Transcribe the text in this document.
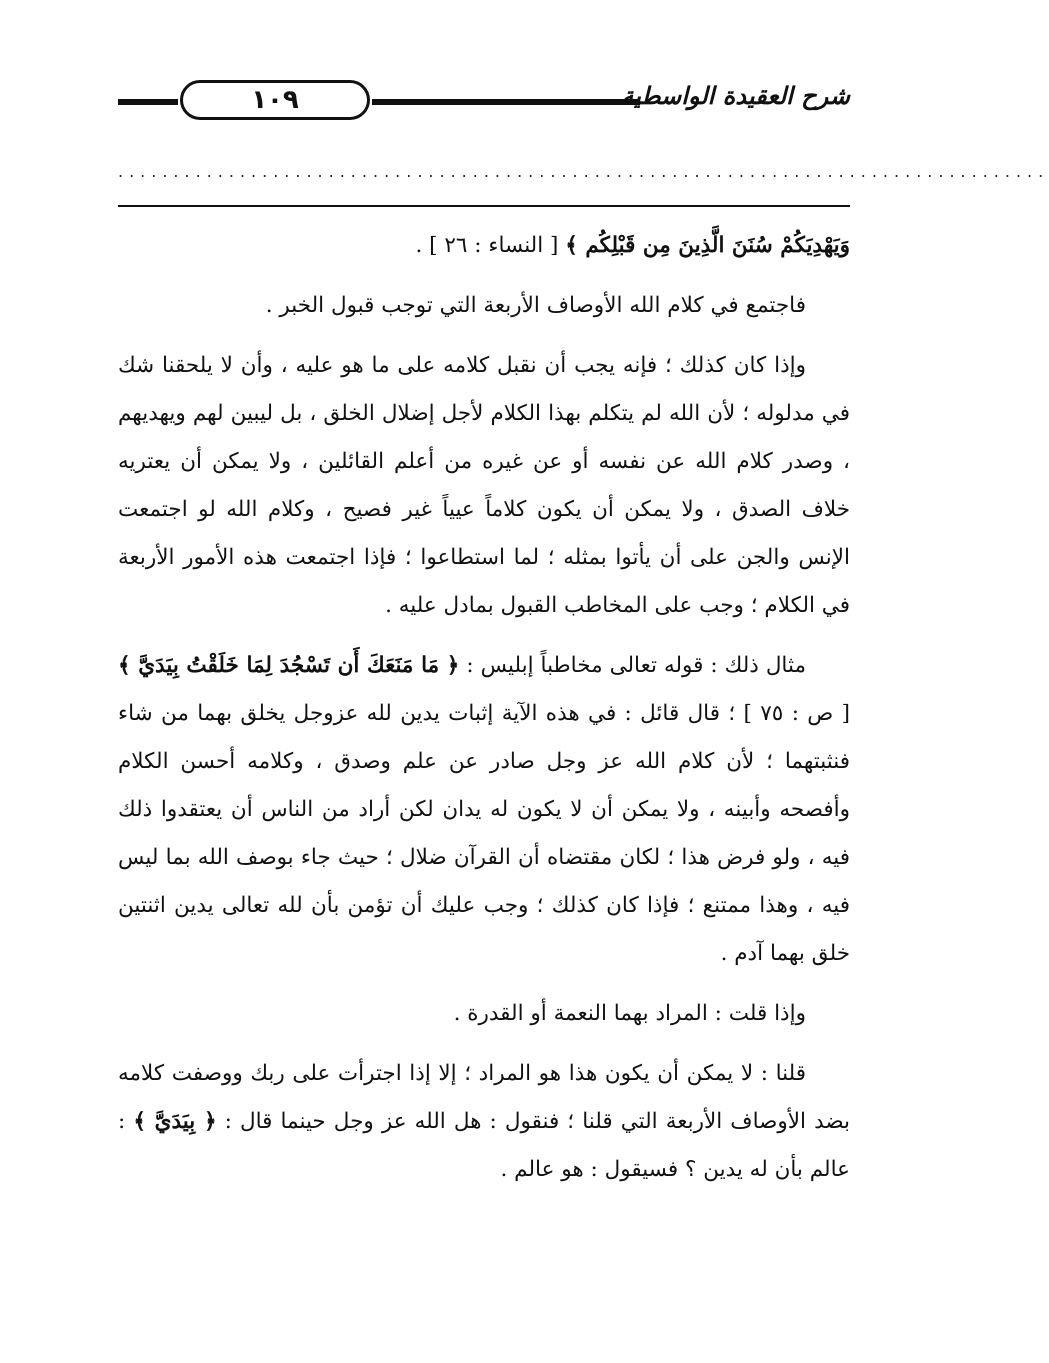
١٠٩	شرح العقيدة الواسطية
....................................................................................

وَيَهْدِيَكُمْ سُنَنَ الَّذِينَ مِن قَبْلِكُم ﴾ [ النساء : ٢٦ ] .

فاجتمع في كلام الله الأوصاف الأربعة التي توجب قبول الخبر .

وإذا كان كذلك ؛ فإنه يجب أن نقبل كلامه على ما هو عليه ، وأن لا يلحقنا شك في مدلوله ؛ لأن الله لم يتكلم بهذا الكلام لأجل إضلال الخلق ، بل ليبين لهم ويهديهم ، وصدر كلام الله عن نفسه أو عن غيره من أعلم القائلين ، ولا يمكن أن يعتريه خلاف الصدق ، ولا يمكن أن يكون كلاماً عيياً غير فصيح ، وكلام الله لو اجتمعت الإنس والجن على أن يأتوا بمثله ؛ لما استطاعوا ؛ فإذا اجتمعت هذه الأمور الأربعة في الكلام ؛ وجب على المخاطب القبول بمادل عليه .

مثال ذلك : قوله تعالى مخاطباً إبليس : ﴿ مَا مَنَعَكَ أَن تَسْجُدَ لِمَا خَلَقْتُ بِيَدَيَّ ﴾ [ ص : ٧٥ ] ؛ قال قائل : في هذه الآية إثبات يدين لله عزوجل يخلق بهما من شاء فنثبتهما ؛ لأن كلام الله عز وجل صادر عن علم وصدق ، وكلامه أحسن الكلام وأفصحه وأبينه ، ولا يمكن أن لا يكون له يدان لكن أراد من الناس أن يعتقدوا ذلك فيه ، ولو فرض هذا ؛ لكان مقتضاه أن القرآن ضلال ؛ حيث جاء بوصف الله بما ليس فيه ، وهذا ممتنع ؛ فإذا كان كذلك ؛ وجب عليك أن تؤمن بأن لله تعالى يدين اثنتين خلق بهما آدم .

وإذا قلت : المراد بهما النعمة أو القدرة .

قلنا : لا يمكن أن يكون هذا هو المراد ؛ إلا إذا اجترأت على ربك ووصفت كلامه بضد الأوصاف الأربعة التي قلنا ؛ فنقول : هل الله عز وجل حينما قال : ﴿ بِيَدَيَّ ﴾ : عالم بأن له يدين ؟ فسيقول : هو عالم .
